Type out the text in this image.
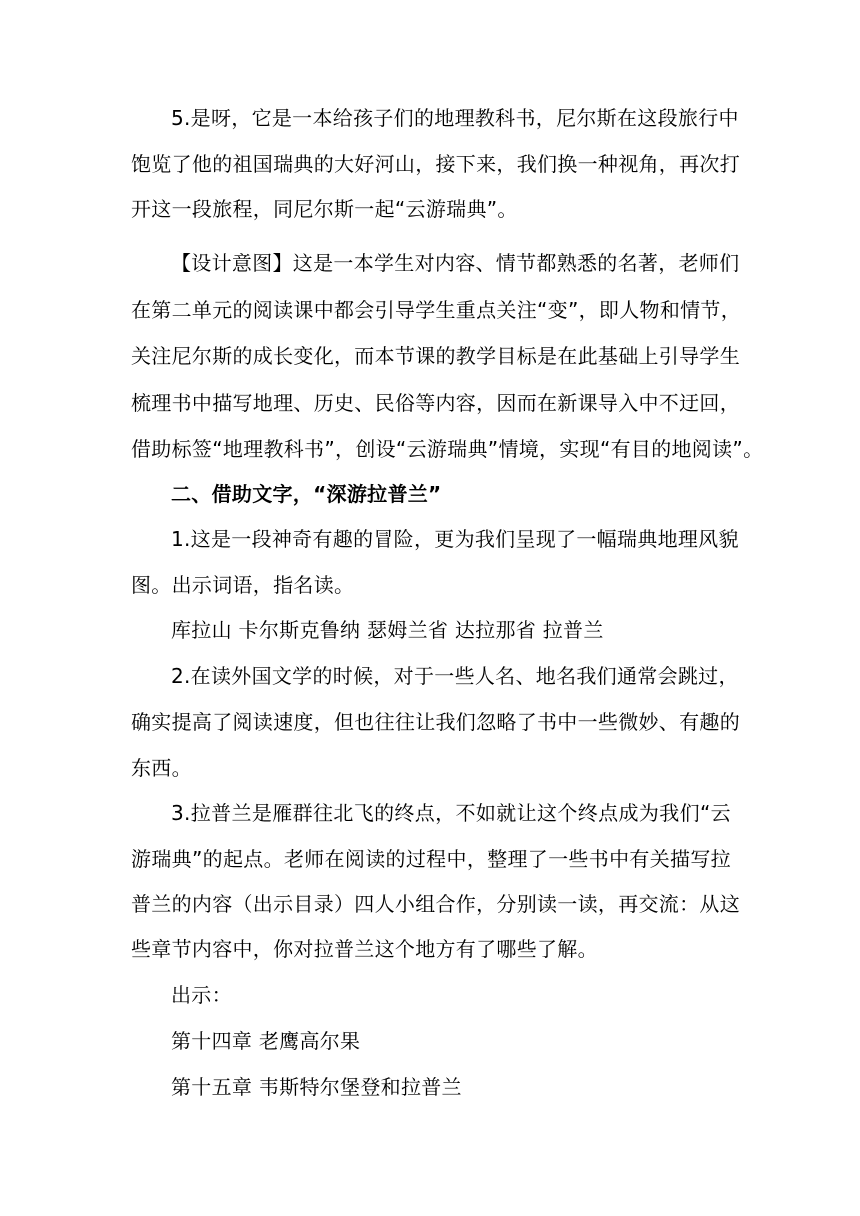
5.是呀，它是一本给孩子们的地理教科书，尼尔斯在这段旅行中
饱览了他的祖国瑞典的大好河山，接下来，我们换一种视角，再次打
开这一段旅程，同尼尔斯一起“云游瑞典”。
【设计意图】这是一本学生对内容、情节都熟悉的名著，老师们
在第二单元的阅读课中都会引导学生重点关注“变”，即人物和情节，
关注尼尔斯的成长变化，而本节课的教学目标是在此基础上引导学生
梳理书中描写地理、历史、民俗等内容，因而在新课导入中不迂回，
借助标签“地理教科书”，创设“云游瑞典”情境，实现“有目的地阅读”。
二、借助文字，“深游拉普兰”
1.这是一段神奇有趣的冒险，更为我们呈现了一幅瑞典地理风貌
图。出示词语，指名读。
库拉山 卡尔斯克鲁纳 瑟姆兰省 达拉那省 拉普兰
2.在读外国文学的时候，对于一些人名、地名我们通常会跳过，
确实提高了阅读速度，但也往往让我们忽略了书中一些微妙、有趣的
东西。
3.拉普兰是雁群往北飞的终点，不如就让这个终点成为我们“云
游瑞典”的起点。老师在阅读的过程中，整理了一些书中有关描写拉
普兰的内容（出示目录）四人小组合作，分别读一读，再交流：从这
些章节内容中，你对拉普兰这个地方有了哪些了解。
出示：
第十四章 老鹰高尔果
第十五章 韦斯特尔堡登和拉普兰
